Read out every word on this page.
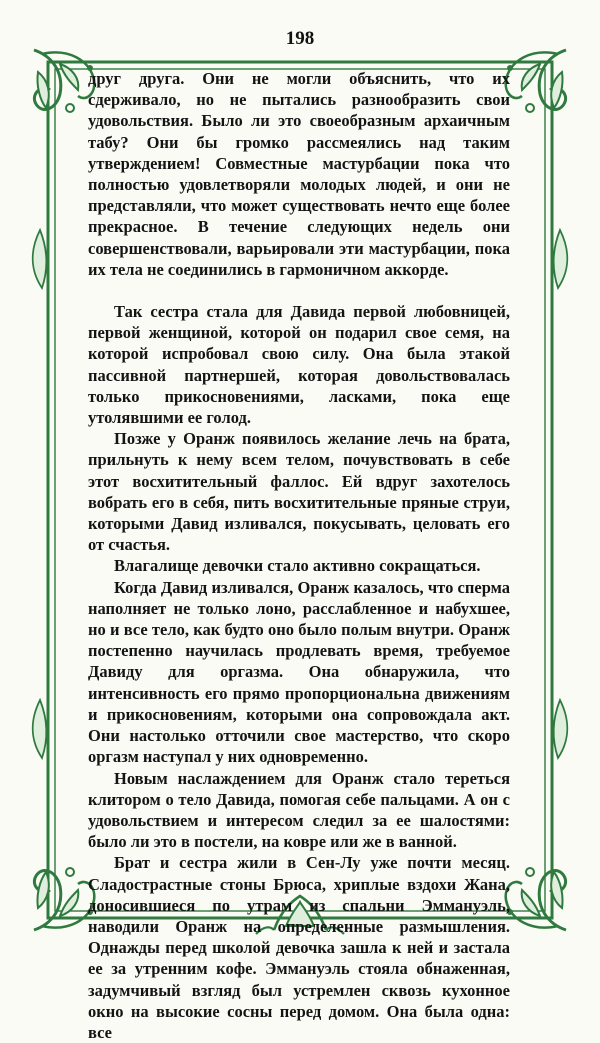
198

друг друга. Они не могли объяснить, что их сдерживало, но не пытались разнообразить свои удовольствия. Было ли это своеобразным архаичным табу? Они бы громко рассмеялись над таким утверждением! Совместные мастурбации пока что полностью удовлетворяли молодых людей, и они не представляли, что может существовать нечто еще более прекрасное. В течение следующих недель они совершенствовали, варьировали эти мастурбации, пока их тела не соединились в гармоничном аккорде.

Так сестра стала для Давида первой любовницей, первой женщиной, которой он подарил свое семя, на которой испробовал свою силу. Она была этакой пассивной партнершей, которая довольствовалась только прикосновениями, ласками, пока еще утолявшими ее голод.

Позже у Оранж появилось желание лечь на брата, прильнуть к нему всем телом, почувствовать в себе этот восхитительный фаллос. Ей вдруг захотелось вобрать его в себя, пить восхитительные пряные струи, которыми Давид изливался, покусывать, целовать его от счастья.

Влагалище девочки стало активно сокращаться.

Когда Давид изливался, Оранж казалось, что сперма наполняет не только лоно, расслабленное и набухшее, но и все тело, как будто оно было полым внутри. Оранж постепенно научилась продлевать время, требуемое Давиду для оргазма. Она обнаружила, что интенсивность его прямо пропорциональна движениям и прикосновениям, которыми она сопровождала акт. Они настолько отточили свое мастерство, что скоро оргазм наступал у них одновременно.

Новым наслаждением для Оранж стало тереться клитором о тело Давида, помогая себе пальцами. А он с удовольствием и интересом следил за ее шалостями: было ли это в постели, на ковре или же в ванной.

Брат и сестра жили в Сен-Лу уже почти месяц. Сладострастные стоны Брюса, хриплые вздохи Жана, доносившиеся по утрам из спальни Эммануэль, наводили Оранж на определенные размышления. Однажды перед школой девочка зашла к ней и застала ее за утренним кофе. Эммануэль стояла обнаженная, задумчивый взгляд был устремлен сквозь кухонное окно на высокие сосны перед домом. Она была одна: все
